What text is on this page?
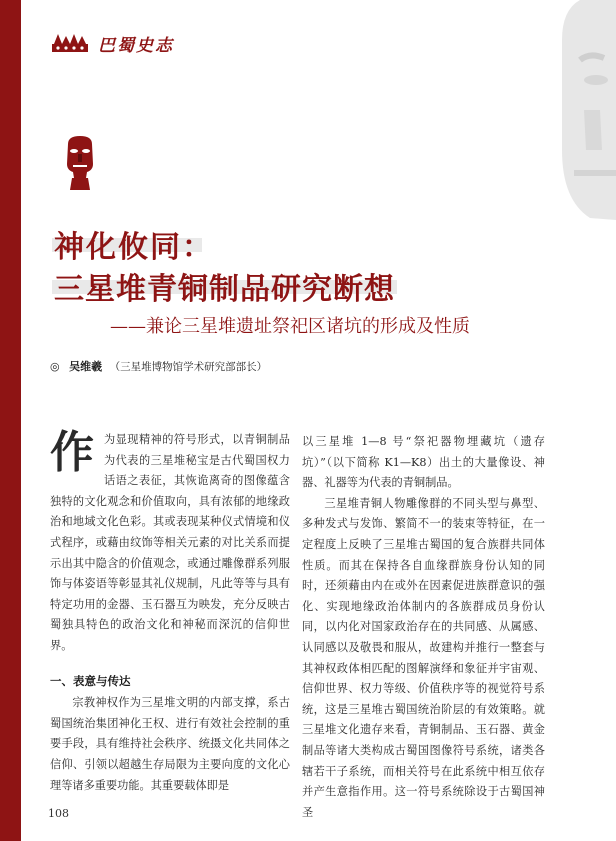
巴蜀史志
神化攸同：
三星堆青铜制品研究断想
——兼论三星堆遗址祭祀区诸坑的形成及性质
◎ 吴维羲 （三星堆博物馆学术研究部部长）

作为显现精神的符号形式，以青铜制品为代表的三星堆秘宝是古代蜀国权力话语之表征，其恢诡离奇的图像蕴含独特的文化观念和价值取向，具有浓郁的地缘政治和地域文化色彩。其或表现某种仪式情境和仪式程序，或藉由纹饰等相关元素的对比关系而提示出其中隐含的价值观念，或通过雕像群系列服饰与体姿语等彰显其礼仪规制，凡此等等与具有特定功用的金器、玉石器互为映发，充分反映古蜀独具特色的政治文化和神秘而深沉的信仰世界。

一、表意与传达

宗教神权作为三星堆文明的内部支撑，系古蜀国统治集团神化王权、进行有效社会控制的重要手段，具有维持社会秩序、统摄文化共同体之信仰、引领以超越生存局限为主要向度的文化心理等诸多重要功能。其重要载体即是

以三星堆 1—8 号“祭祀器物埋藏坑（遗存坑）”（以下简称 K1—K8）出土的大量像设、神器、礼器等为代表的青铜制品。

三星堆青铜人物雕像群的不同头型与鼻型、多种发式与发饰、繁简不一的装束等特征，在一定程度上反映了三星堆古蜀国的复合族群共同体性质。而其在保持各自血缘群族身份认知的同时，还须藉由内在或外在因素促进族群意识的强化、实现地缘政治体制内的各族群成员身份认同，以内化对国家政治存在的共同感、从属感、认同感以及敬畏和服从，故建构并推行一整套与其神权政体相匹配的图解演绎和象征并宇宙观、信仰世界、权力等级、价值秩序等的视觉符号系统，这是三星堆古蜀国统治阶层的有效策略。就三星堆文化遗存来看，青铜制品、玉石器、黄金制品等诸大类构成古蜀国图像符号系统，诸类各辖若干子系统，而相关符号在此系统中相互依存并产生意指作用。这一符号系统除设于古蜀国神圣

108
